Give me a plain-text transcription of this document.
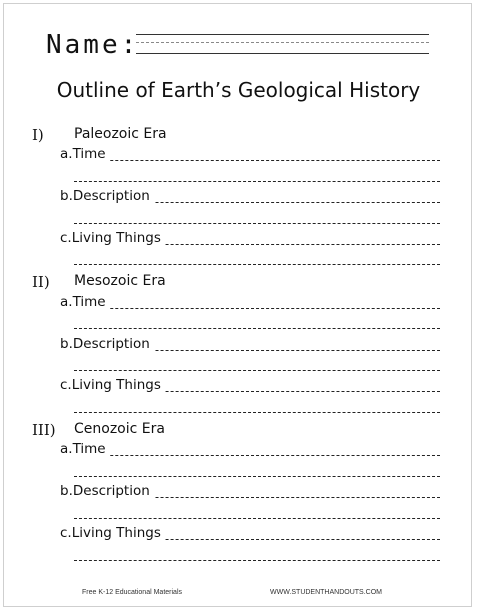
Name:
Outline of Earth’s Geological History
I) Paleozoic Era
a.Time
b.Description
c.Living Things
II) Mesozoic Era
a.Time
b.Description
c.Living Things
III) Cenozoic Era
a.Time
b.Description
c.Living Things
Free K-12 Educational Materials	WWW.STUDENTHANDOUTS.COM
